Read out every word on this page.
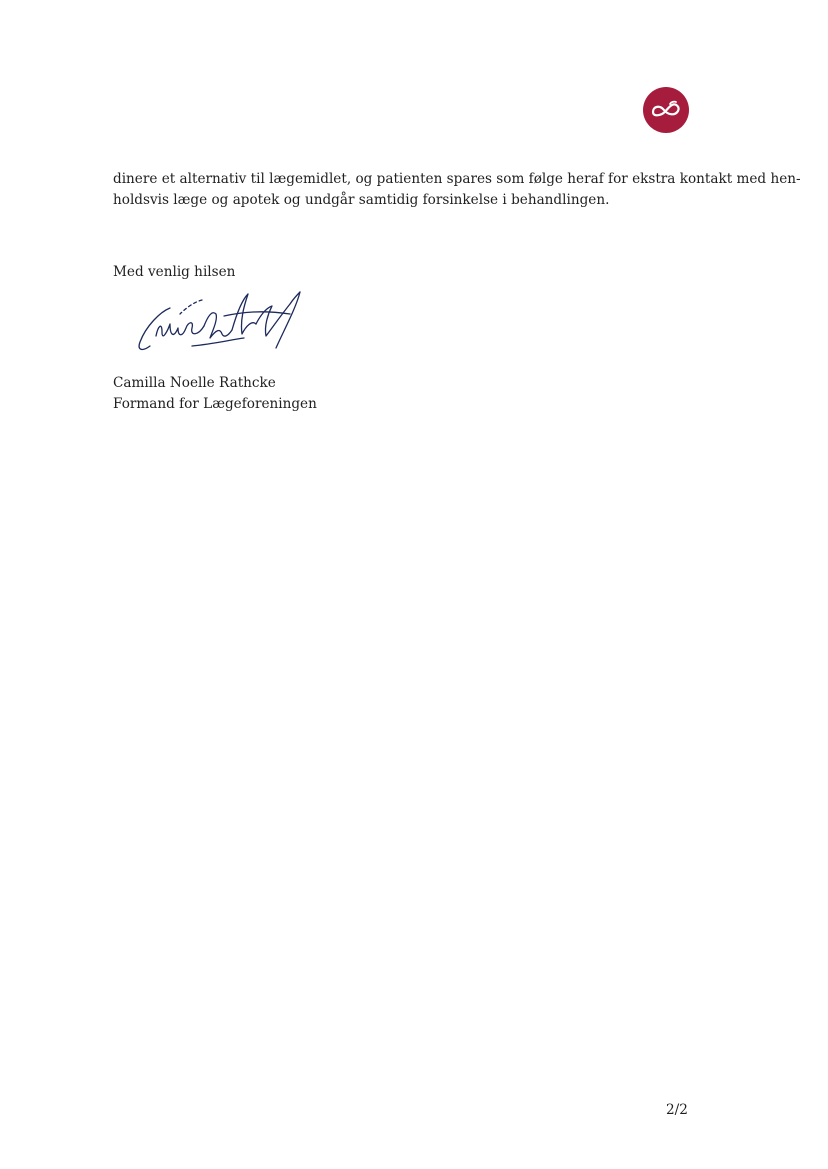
dinere et alternativ til lægemidlet, og patienten spares som følge heraf for ekstra kontakt med hen-
holdsvis læge og apotek og undgår samtidig forsinkelse i behandlingen.

Med venlig hilsen

Camilla Noelle Rathcke
Formand for Lægeforeningen

2/2
